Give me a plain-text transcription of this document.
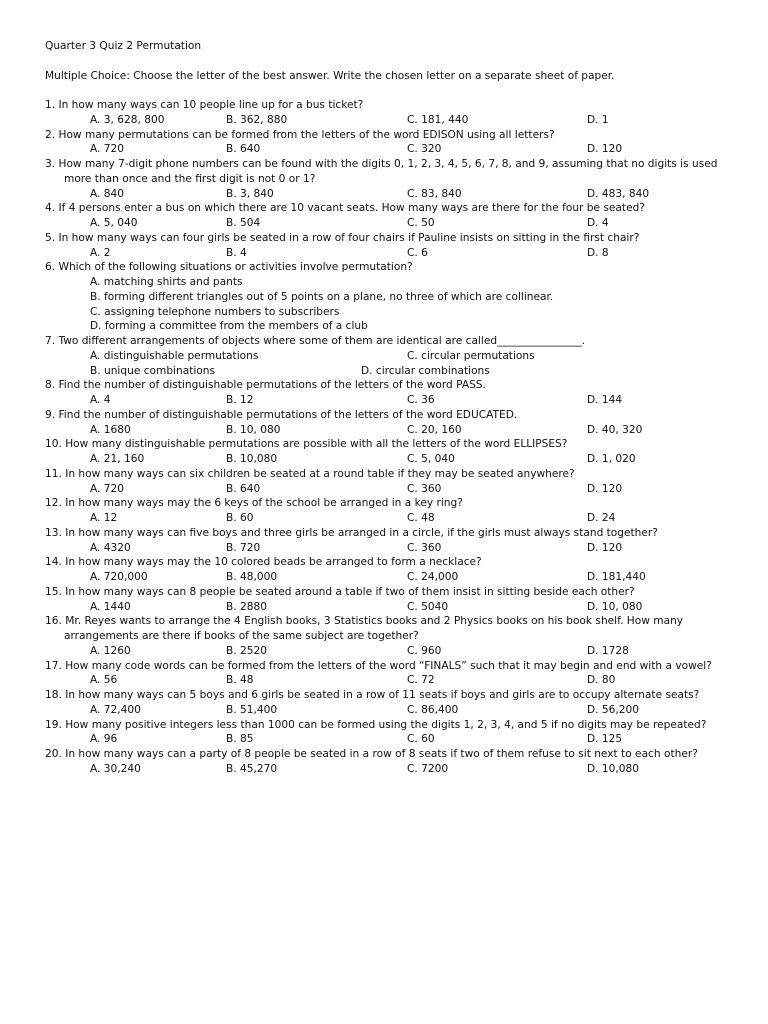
Quarter 3 Quiz 2 Permutation
Multiple Choice: Choose the letter of the best answer. Write the chosen letter on a separate sheet of paper.
1. In how many ways can 10 people line up for a bus ticket?
A. 3, 628, 800	B. 362, 880	C. 181, 440	D. 1
2. How many permutations can be formed from the letters of the word EDISON using all letters?
A. 720	B. 640	C. 320	D. 120
3. How many 7-digit phone numbers can be found with the digits 0, 1, 2, 3, 4, 5, 6, 7, 8, and 9, assuming that no digits is used more than once and the first digit is not 0 or 1?
A. 840	B. 3, 840	C. 83, 840	D. 483, 840
4. If 4 persons enter a bus on which there are 10 vacant seats. How many ways are there for the four be seated?
A. 5, 040	B. 504	C. 50	D. 4
5. In how many ways can four girls be seated in a row of four chairs if Pauline insists on sitting in the first chair?
A. 2	B. 4	C. 6	D. 8
6. Which of the following situations or activities involve permutation?
A. matching shirts and pants
B. forming different triangles out of 5 points on a plane, no three of which are collinear.
C. assigning telephone numbers to subscribers
D. forming a committee from the members of a club
7. Two different arrangements of objects where some of them are identical are called________________.
A. distinguishable permutations	C. circular permutations
B. unique combinations	D. circular combinations
8. Find the number of distinguishable permutations of the letters of the word PASS.
A. 4	B. 12	C. 36	D. 144
9. Find the number of distinguishable permutations of the letters of the word EDUCATED.
A. 1680	B. 10, 080	C. 20, 160	D. 40, 320
10. How many distinguishable permutations are possible with all the letters of the word ELLIPSES?
A. 21, 160	B. 10,080	C. 5, 040	D. 1, 020
11. In how many ways can six children be seated at a round table if they may be seated anywhere?
A. 720	B. 640	C. 360	D. 120
12. In how many ways may the 6 keys of the school be arranged in a key ring?
A. 12	B. 60	C. 48	D. 24
13. In how many ways can five boys and three girls be arranged in a circle, if the girls must always stand together?
A. 4320	B. 720	C. 360	D. 120
14. In how many ways may the 10 colored beads be arranged to form a necklace?
A. 720,000	B. 48,000	C. 24,000	D. 181,440
15. In how many ways can 8 people be seated around a table if two of them insist in sitting beside each other?
A. 1440	B. 2880	C. 5040	D. 10, 080
16. Mr. Reyes wants to arrange the 4 English books, 3 Statistics books and 2 Physics books on his book shelf. How many arrangements are there if books of the same subject are together?
A. 1260	B. 2520	C. 960	D. 1728
17. How many code words can be formed from the letters of the word “FINALS” such that it may begin and end with a vowel?
A. 56	B. 48	C. 72	D. 80
18. In how many ways can 5 boys and 6 girls be seated in a row of 11 seats if boys and girls are to occupy alternate seats?
A. 72,400	B. 51,400	C. 86,400	D. 56,200
19. How many positive integers less than 1000 can be formed using the digits 1, 2, 3, 4, and 5 if no digits may be repeated?
A. 96	B. 85	C. 60	D. 125
20. In how many ways can a party of 8 people be seated in a row of 8 seats if two of them refuse to sit next to each other?
A. 30,240	B. 45,270	C. 7200	D. 10,080
